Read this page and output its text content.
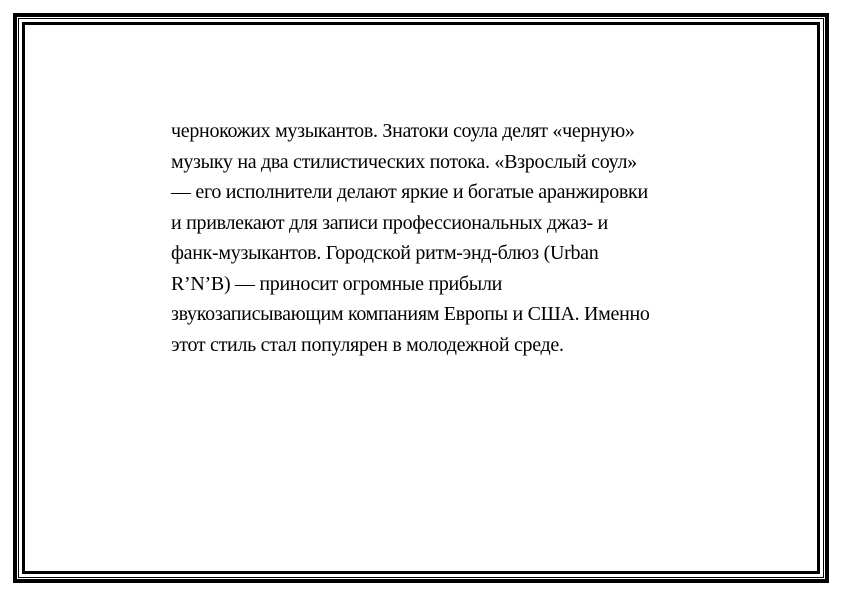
чернокожих музыкантов. Знатоки соула делят «черную»
музыку на два стилистических потока. «Взрослый соул»
— его исполнители делают яркие и богатые аранжировки
и привлекают для записи профессиональных джаз- и
фанк-музыкантов. Городской ритм-энд-блюз (Urban
R’N’B) — приносит огромные прибыли
звукозаписывающим компаниям Европы и США. Именно
этот стиль стал популярен в молодежной среде.
